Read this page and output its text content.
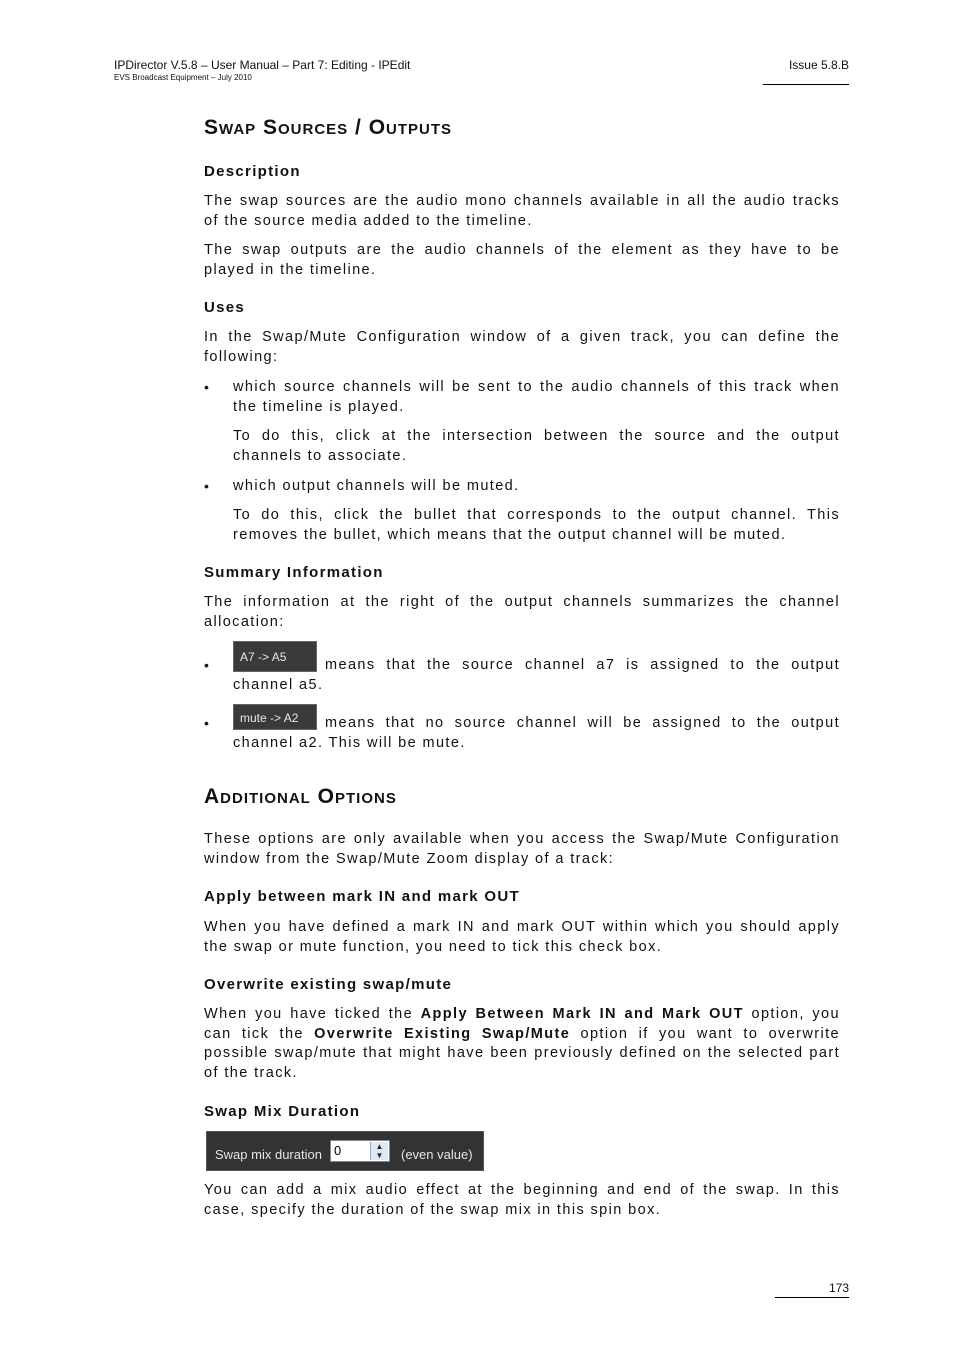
IPDirector V.5.8 – User Manual – Part 7: Editing - IPEdit
EVS Broadcast Equipment – July 2010
Issue 5.8.B
Swap Sources / Outputs
Description
The swap sources are the audio mono channels available in all the audio tracks of the source media added to the timeline.
The swap outputs are the audio channels of the element as they have to be played in the timeline.
Uses
In the Swap/Mute Configuration window of a given track, you can define the following:
• which source channels will be sent to the audio channels of this track when the timeline is played.
To do this, click at the intersection between the source and the output channels to associate.
• which output channels will be muted.
To do this, click the bullet that corresponds to the output channel. This removes the bullet, which means that the output channel will be muted.
Summary Information
The information at the right of the output channels summarizes the channel allocation:
•	A7 -> A5	means that the source channel a7 is assigned to the output channel a5.
•	mute -> A2	means that no source channel will be assigned to the output channel a2. This will be mute.
Additional Options
These options are only available when you access the Swap/Mute Configuration window from the Swap/Mute Zoom display of a track:
Apply between mark IN and mark OUT
When you have defined a mark IN and mark OUT within which you should apply the swap or mute function, you need to tick this check box.
Overwrite existing swap/mute
When you have ticked the Apply Between Mark IN and Mark OUT option, you can tick the Overwrite Existing Swap/Mute option if you want to overwrite possible swap/mute that might have been previously defined on the selected part of the track.
Swap Mix Duration
Swap mix duration 0	▲
▼	(even value)
You can add a mix audio effect at the beginning and end of the swap. In this case, specify the duration of the swap mix in this spin box.
173
